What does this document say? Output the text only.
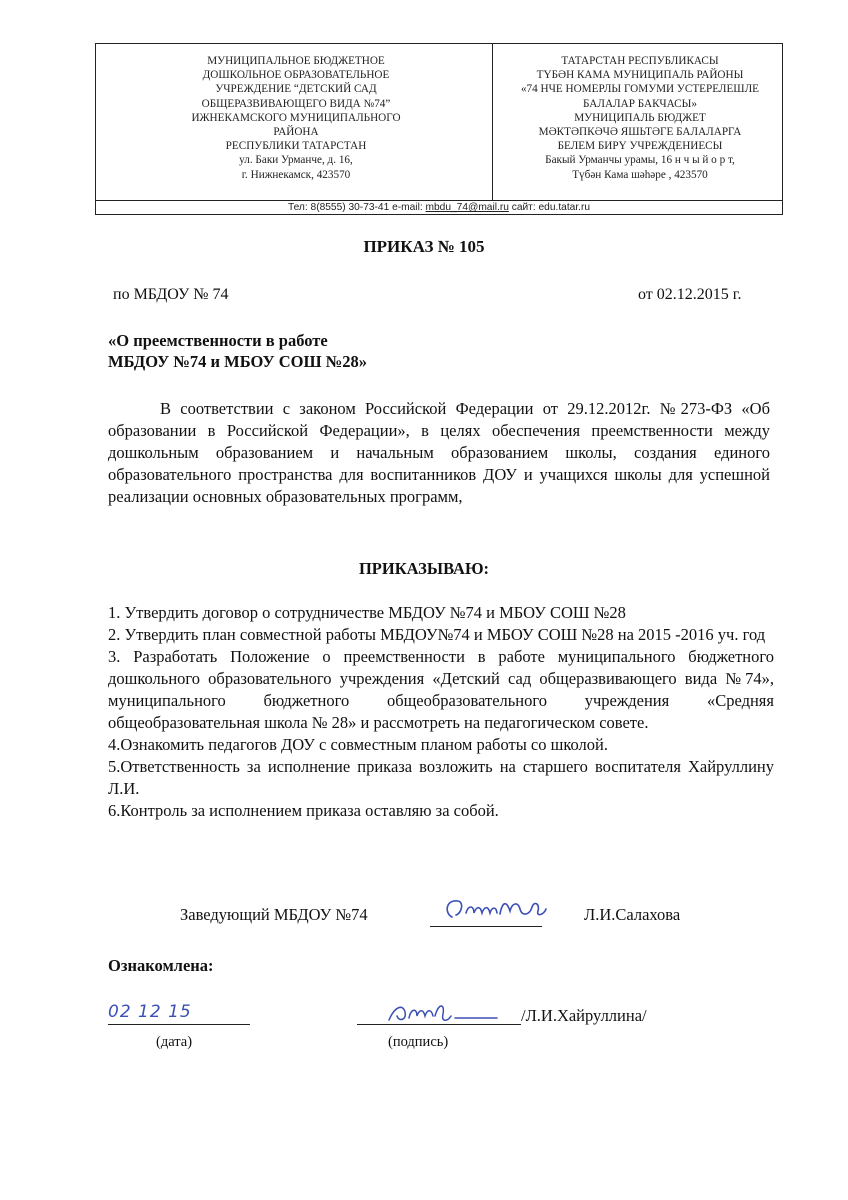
МУНИЦИПАЛЬНОЕ БЮДЖЕТНОЕ
ДОШКОЛЬНОЕ ОБРАЗОВАТЕЛЬНОЕ
УЧРЕЖДЕНИЕ “ДЕТСКИЙ САД
ОБЩЕРАЗВИВАЮЩЕГО ВИДА №74”
ИЖНЕКАМСКОГО МУНИЦИПАЛЬНОГО
РАЙОНА
РЕСПУБЛИКИ ТАТАРСТАН
ул. Баки Урманче, д. 16,
г. Нижнекамск, 423570
ТАТАРСТАН РЕСПУБЛИКАСЫ
ТҮБӘН КАМА МУНИЦИПАЛЬ РАЙОНЫ
«74 НЧЕ НОМЕРЛЫ ГОМУМИ УСТЕРЕЛЕШЛЕ
БАЛАЛАР БАКЧАСЫ»
МУНИЦИПАЛЬ БЮДЖЕТ
МӘКТӘПКӘЧӘ ЯШЬТӘГЕ БАЛАЛАРГА
БЕЛЕМ БИРҮ УЧРЕЖДЕНИЕСЫ
Бакый Урманчы урамы, 16 н ч ы й о р т,
Түбән Кама шәһәре , 423570
Тел: 8(8555) 30-73-41 e-mail: mbdu_74@mail.ru сайт: edu.tatar.ru
ПРИКАЗ № 105
по МБДОУ № 74	от 02.12.2015 г.
«О преемственности в работе
МБДОУ №74 и МБОУ СОШ №28»
В соответствии с законом Российской Федерации от 29.12.2012г. №273-ФЗ «Об образовании в Российской Федерации», в целях обеспечения преемственности между дошкольным образованием и начальным образованием школы, создания единого образовательного пространства для воспитанников ДОУ и учащихся школы для успешной реализации основных образовательных программ,
ПРИКАЗЫВАЮ:
1. Утвердить договор о сотрудничестве МБДОУ №74 и МБОУ СОШ №28
2. Утвердить план совместной работы МБДОУ№74 и МБОУ СОШ №28 на 2015 -2016 уч. год
3. Разработать Положение о преемственности в работе муниципального бюджетного дошкольного образовательного учреждения «Детский сад общеразвивающего вида №74», муниципального бюджетного общеобразовательного учреждения «Средняя общеобразовательная школа № 28» и рассмотреть на педагогическом совете.
4.Ознакомить педагогов ДОУ с совместным планом работы со школой.
5.Ответственность за исполнение приказа возложить на старшего воспитателя Хайруллину Л.И.
6.Контроль за исполнением приказа оставляю за собой.
Заведующий МБДОУ №74	Л.И.Салахова
Ознакомлена:
02 12 15
(дата)
/Л.И.Хайруллина/
(подпись)
